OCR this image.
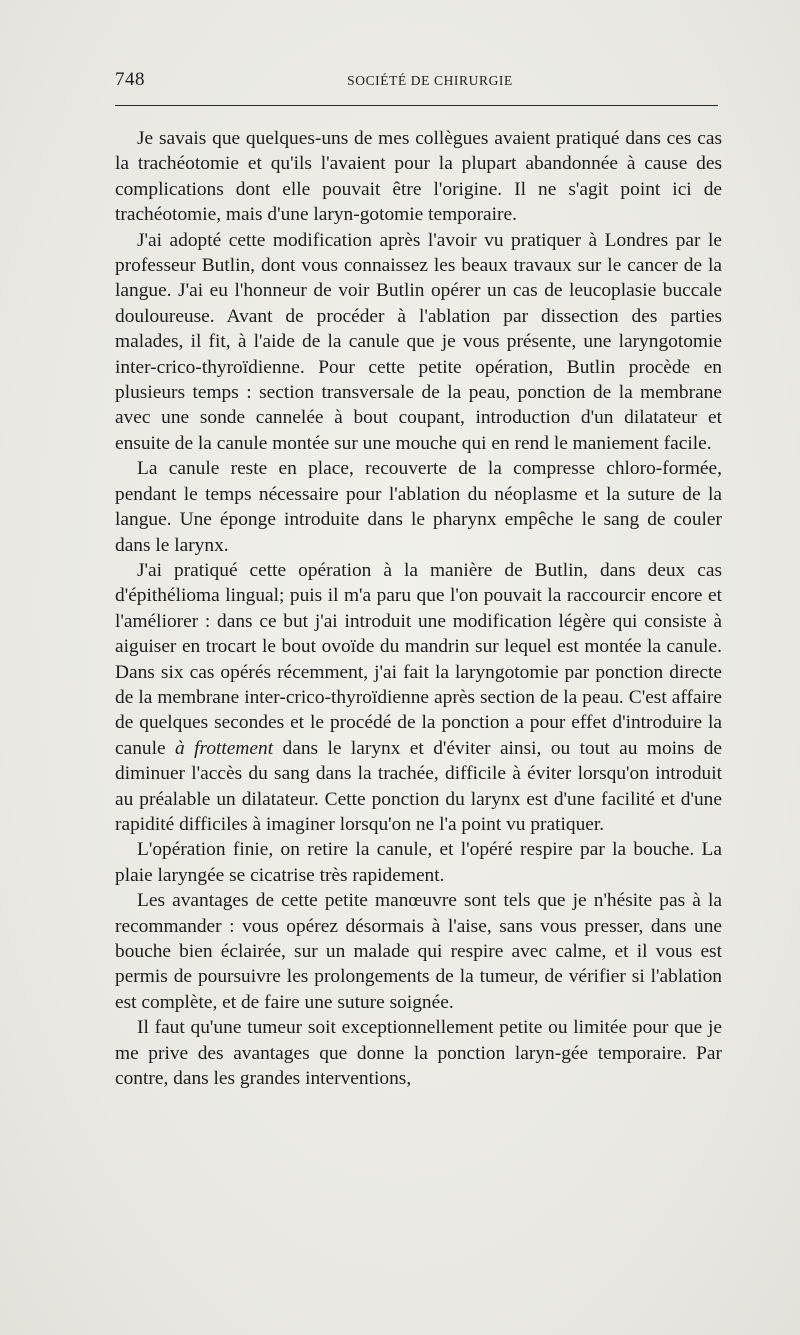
748	SOCIÉTÉ DE CHIRURGIE

Je savais que quelques-uns de mes collègues avaient pratiqué dans ces cas la trachéotomie et qu'ils l'avaient pour la plupart abandonnée à cause des complications dont elle pouvait être l'origine. Il ne s'agit point ici de trachéotomie, mais d'une laryn-gotomie temporaire.

J'ai adopté cette modification après l'avoir vu pratiquer à Londres par le professeur Butlin, dont vous connaissez les beaux travaux sur le cancer de la langue. J'ai eu l'honneur de voir Butlin opérer un cas de leucoplasie buccale douloureuse. Avant de procéder à l'ablation par dissection des parties malades, il fit, à l'aide de la canule que je vous présente, une laryngotomie inter-crico-thyroïdienne. Pour cette petite opération, Butlin procède en plusieurs temps : section transversale de la peau, ponction de la membrane avec une sonde cannelée à bout coupant, introduction d'un dilatateur et ensuite de la canule montée sur une mouche qui en rend le maniement facile.

La canule reste en place, recouverte de la compresse chloro-formée, pendant le temps nécessaire pour l'ablation du néoplasme et la suture de la langue. Une éponge introduite dans le pharynx empêche le sang de couler dans le larynx.

J'ai pratiqué cette opération à la manière de Butlin, dans deux cas d'épithélioma lingual; puis il m'a paru que l'on pouvait la raccourcir encore et l'améliorer : dans ce but j'ai introduit une modification légère qui consiste à aiguiser en trocart le bout ovoïde du mandrin sur lequel est montée la canule. Dans six cas opérés récemment, j'ai fait la laryngotomie par ponction directe de la membrane inter-crico-thyroïdienne après section de la peau. C'est affaire de quelques secondes et le procédé de la ponction a pour effet d'introduire la canule à frottement dans le larynx et d'éviter ainsi, ou tout au moins de diminuer l'accès du sang dans la trachée, difficile à éviter lorsqu'on introduit au préalable un dilatateur. Cette ponction du larynx est d'une facilité et d'une rapidité difficiles à imaginer lorsqu'on ne l'a point vu pratiquer.

L'opération finie, on retire la canule, et l'opéré respire par la bouche. La plaie laryngée se cicatrise très rapidement.

Les avantages de cette petite manœuvre sont tels que je n'hésite pas à la recommander : vous opérez désormais à l'aise, sans vous presser, dans une bouche bien éclairée, sur un malade qui respire avec calme, et il vous est permis de poursuivre les prolongements de la tumeur, de vérifier si l'ablation est complète, et de faire une suture soignée.

Il faut qu'une tumeur soit exceptionnellement petite ou limitée pour que je me prive des avantages que donne la ponction laryn-gée temporaire. Par contre, dans les grandes interventions,
